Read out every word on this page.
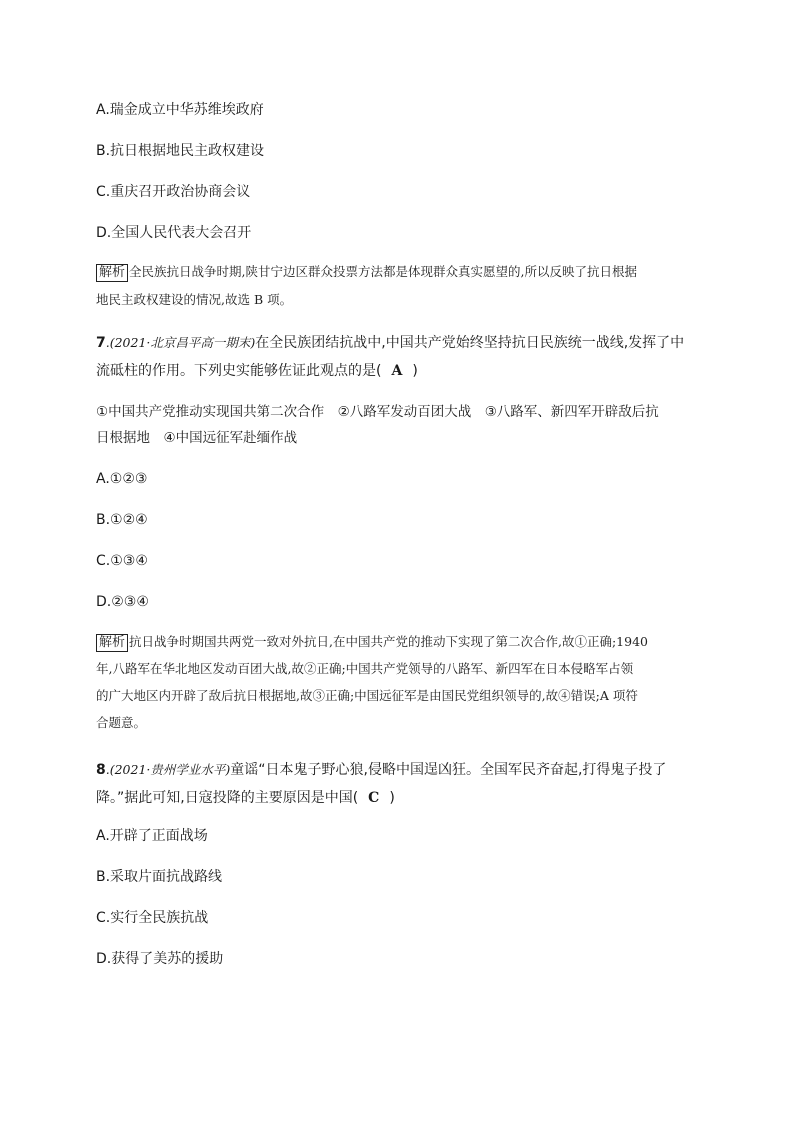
A.瑞金成立中华苏维埃政府
B.抗日根据地民主政权建设
C.重庆召开政治协商会议
D.全国人民代表大会召开
解析 全民族抗日战争时期,陕甘宁边区群众投票方法都是体现群众真实愿望的,所以反映了抗日根据
地民主政权建设的情况,故选 B 项。
7.(2021·北京昌平高一期末)在全民族团结抗战中,中国共产党始终坚持抗日民族统一战线,发挥了中
流砥柱的作用。下列史实能够佐证此观点的是( A )
①中国共产党推动实现国共第二次合作　②八路军发动百团大战　③八路军、新四军开辟敌后抗
日根据地　④中国远征军赴缅作战
A.①②③
B.①②④
C.①③④
D.②③④
解析 抗日战争时期国共两党一致对外抗日,在中国共产党的推动下实现了第二次合作,故①正确;1940
年,八路军在华北地区发动百团大战,故②正确;中国共产党领导的八路军、新四军在日本侵略军占领
的广大地区内开辟了敌后抗日根据地,故③正确;中国远征军是由国民党组织领导的,故④错误;A 项符
合题意。
8.(2021·贵州学业水平)童谣“日本鬼子野心狼,侵略中国逞凶狂。全国军民齐奋起,打得鬼子投了
降。”据此可知,日寇投降的主要原因是中国( C )
A.开辟了正面战场
B.采取片面抗战路线
C.实行全民族抗战
D.获得了美苏的援助
